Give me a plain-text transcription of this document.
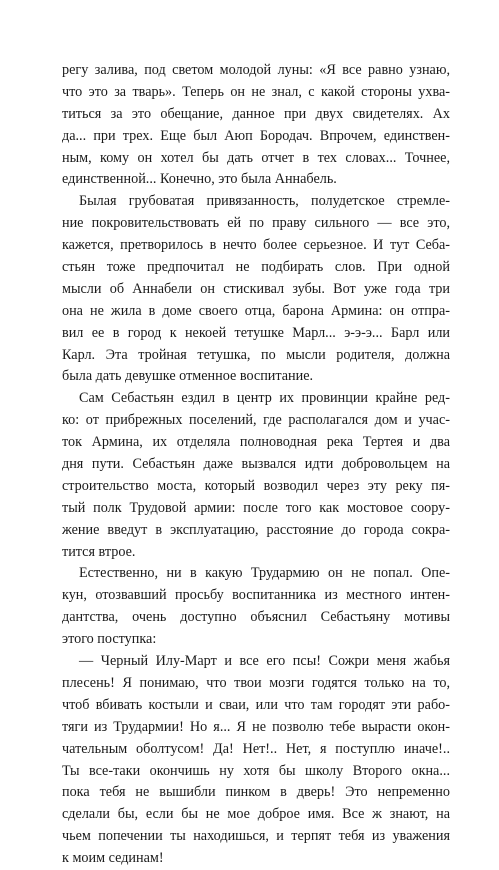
регу залива, под светом молодой луны: «Я все равно узнаю,
что это за тварь». Теперь он не знал, с какой стороны ухва-
титься за это обещание, данное при двух свидетелях. Ах
да... при трех. Еще был Аюп Бородач. Впрочем, единствен-
ным, кому он хотел бы дать отчет в тех словах... Точнее,
единственной... Конечно, это была Аннабель.
Былая грубоватая привязанность, полудетское стремле-
ние покровительствовать ей по праву сильного — все это,
кажется, претворилось в нечто более серьезное. И тут Себа-
стьян тоже предпочитал не подбирать слов. При одной
мысли об Аннабели он стискивал зубы. Вот уже года три
она не жила в доме своего отца, барона Армина: он отпра-
вил ее в город к некоей тетушке Марл... э-э-э... Барл или
Карл. Эта тройная тетушка, по мысли родителя, должна
была дать девушке отменное воспитание.
Сам Себастьян ездил в центр их провинции крайне ред-
ко: от прибрежных поселений, где располагался дом и учас-
ток Армина, их отделяла полноводная река Тертея и два
дня пути. Себастьян даже вызвался идти добровольцем на
строительство моста, который возводил через эту реку пя-
тый полк Трудовой армии: после того как мостовое соору-
жение введут в эксплуатацию, расстояние до города сокра-
тится втрое.
Естественно, ни в какую Трудармию он не попал. Опе-
кун, отозвавший просьбу воспитанника из местного интен-
дантства, очень доступно объяснил Себастьяну мотивы
этого поступка:
— Черный Илу-Март и все его псы! Сожри меня жабья
плесень! Я понимаю, что твои мозги годятся только на то,
чтоб вбивать костыли и сваи, или что там городят эти рабо-
тяги из Трудармии! Но я... Я не позволю тебе вырасти окон-
чательным оболтусом! Да! Нет!.. Нет, я поступлю иначе!..
Ты все-таки окончишь ну хотя бы школу Второго окна...
пока тебя не вышибли пинком в дверь! Это непременно
сделали бы, если бы не мое доброе имя. Все ж знают, на
чьем попечении ты находишься, и терпят тебя из уважения
к моим сединам!
